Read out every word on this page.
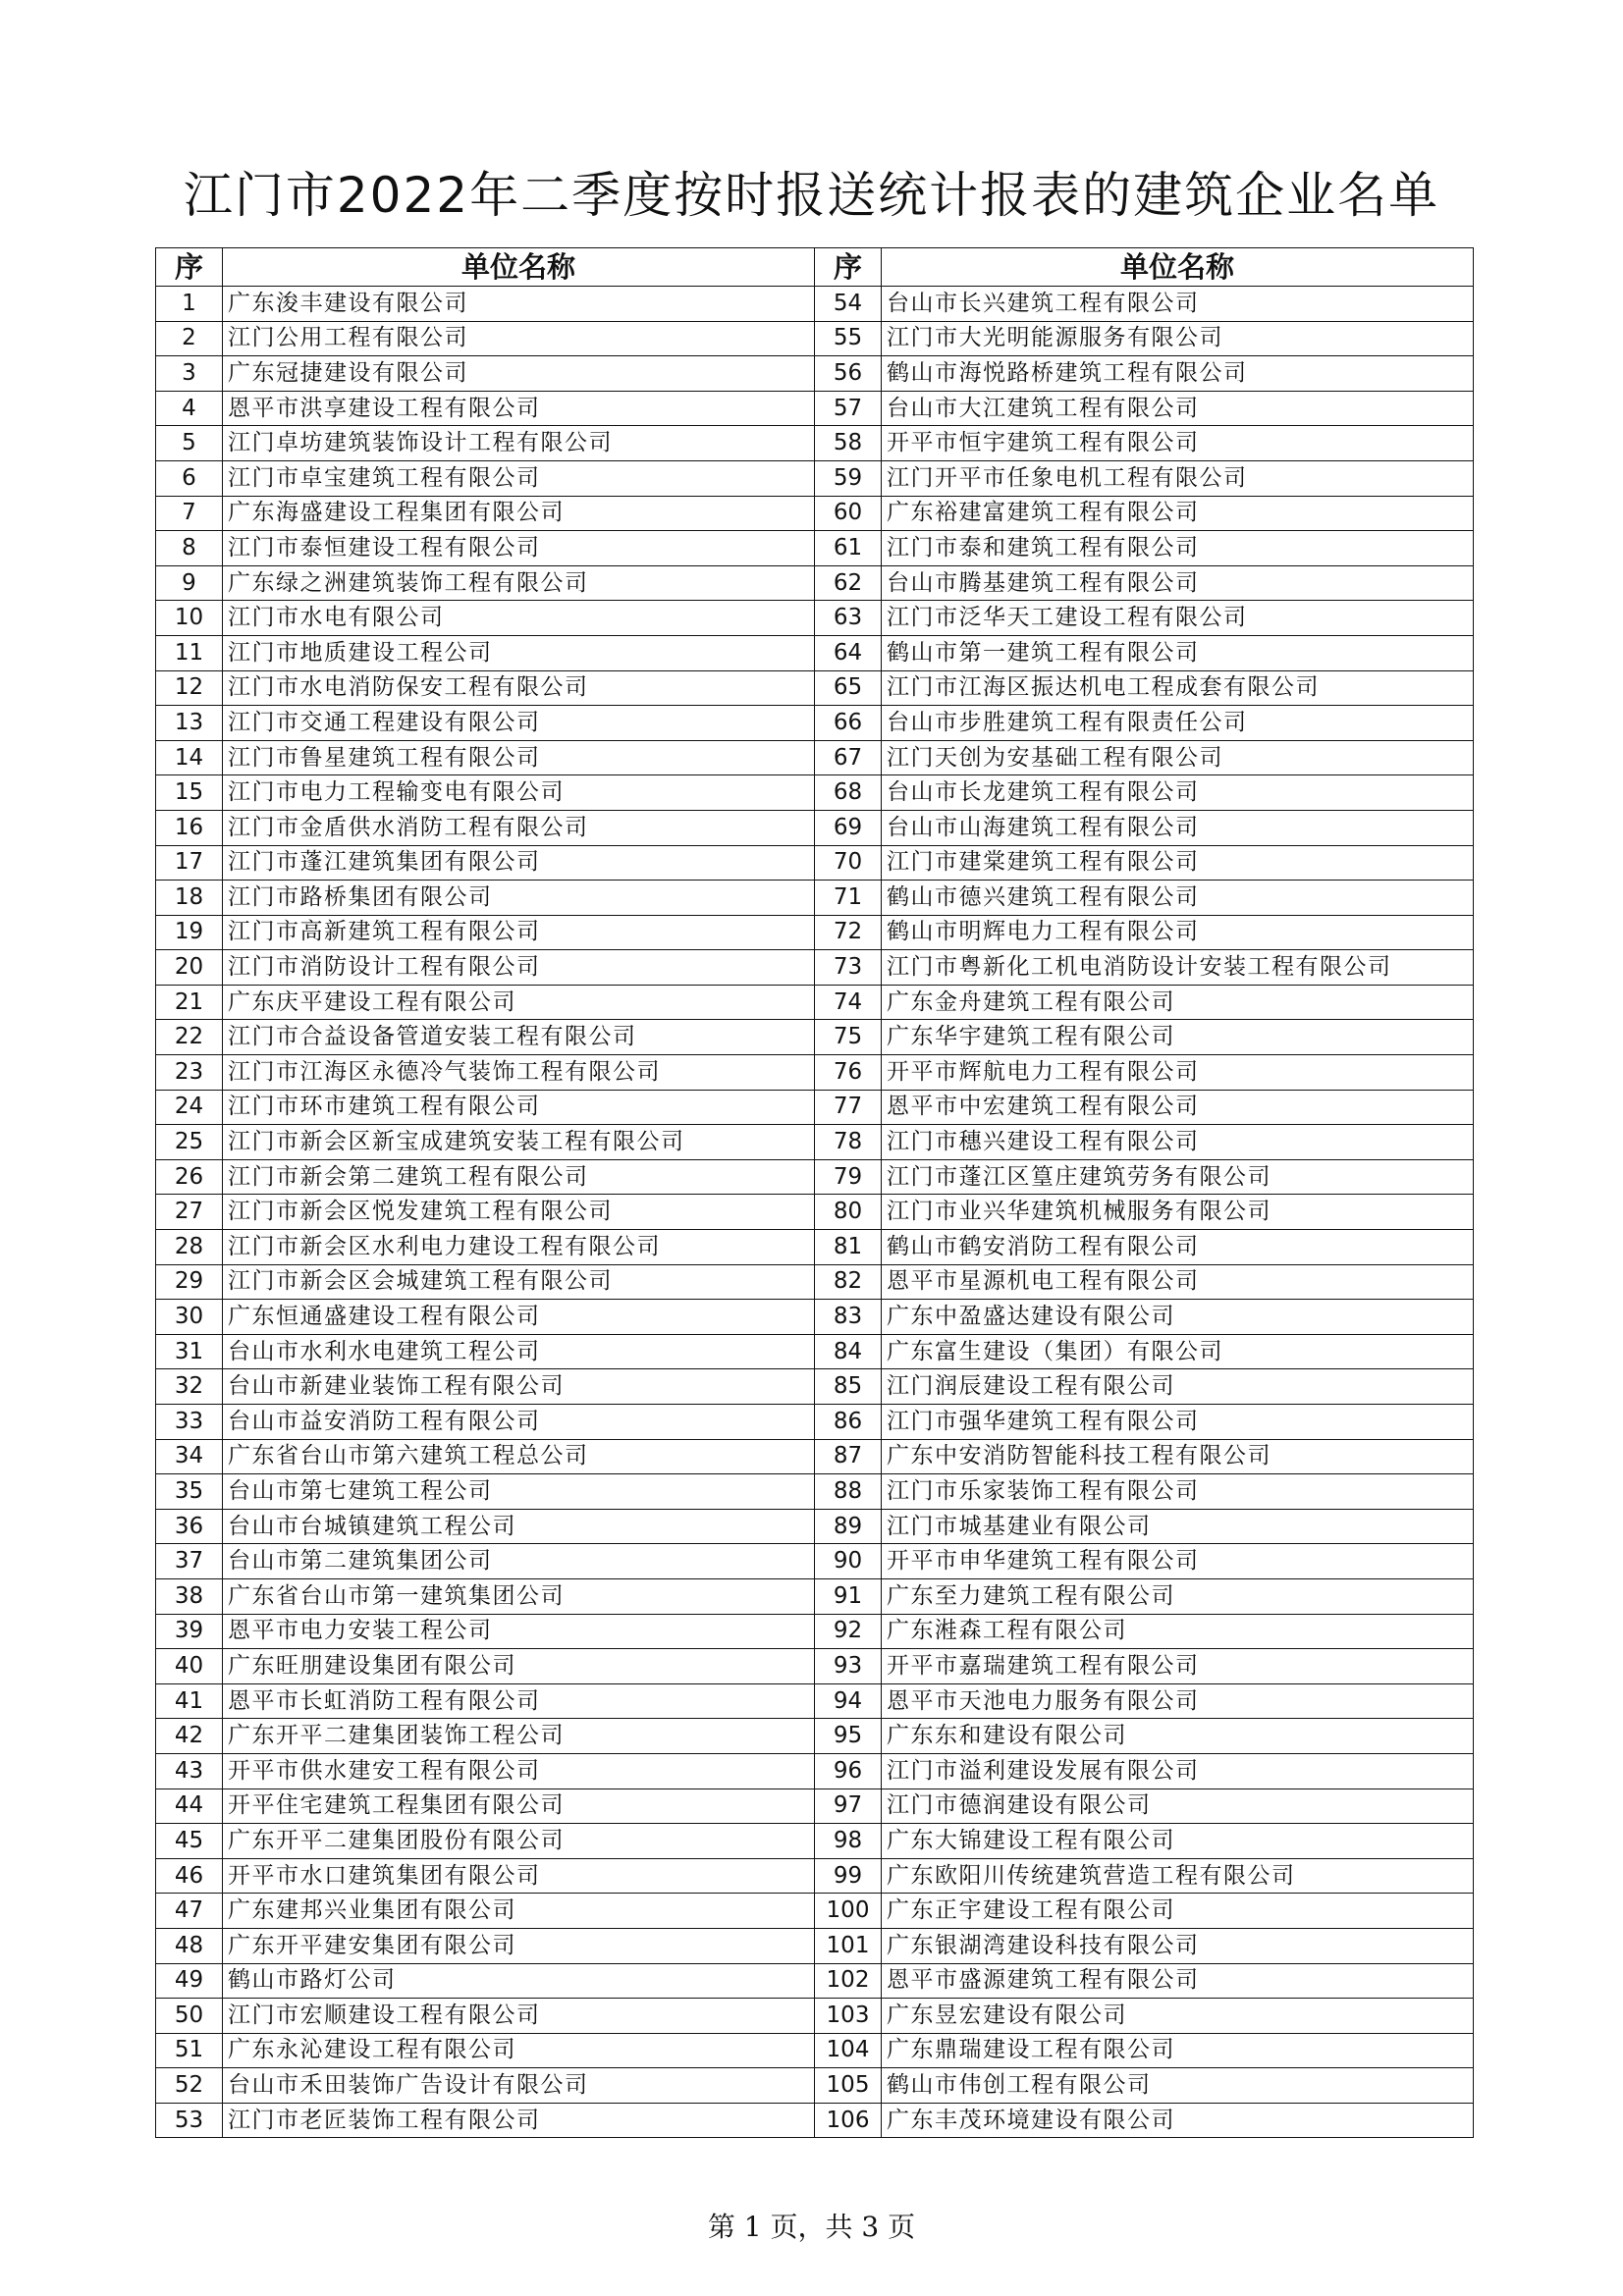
江门市2022年二季度按时报送统计报表的建筑企业名单
序	单位名称	序	单位名称
1	广东浚丰建设有限公司	54	台山市长兴建筑工程有限公司
2	江门公用工程有限公司	55	江门市大光明能源服务有限公司
3	广东冠捷建设有限公司	56	鹤山市海悦路桥建筑工程有限公司
4	恩平市洪享建设工程有限公司	57	台山市大江建筑工程有限公司
5	江门卓坊建筑装饰设计工程有限公司	58	开平市恒宇建筑工程有限公司
6	江门市卓宝建筑工程有限公司	59	江门开平市任象电机工程有限公司
7	广东海盛建设工程集团有限公司	60	广东裕建富建筑工程有限公司
8	江门市泰恒建设工程有限公司	61	江门市泰和建筑工程有限公司
9	广东绿之洲建筑装饰工程有限公司	62	台山市腾基建筑工程有限公司
10	江门市水电有限公司	63	江门市泛华天工建设工程有限公司
11	江门市地质建设工程公司	64	鹤山市第一建筑工程有限公司
12	江门市水电消防保安工程有限公司	65	江门市江海区振达机电工程成套有限公司
13	江门市交通工程建设有限公司	66	台山市步胜建筑工程有限责任公司
14	江门市鲁星建筑工程有限公司	67	江门天创为安基础工程有限公司
15	江门市电力工程输变电有限公司	68	台山市长龙建筑工程有限公司
16	江门市金盾供水消防工程有限公司	69	台山市山海建筑工程有限公司
17	江门市蓬江建筑集团有限公司	70	江门市建棠建筑工程有限公司
18	江门市路桥集团有限公司	71	鹤山市德兴建筑工程有限公司
19	江门市高新建筑工程有限公司	72	鹤山市明辉电力工程有限公司
20	江门市消防设计工程有限公司	73	江门市粤新化工机电消防设计安装工程有限公司
21	广东庆平建设工程有限公司	74	广东金舟建筑工程有限公司
22	江门市合益设备管道安装工程有限公司	75	广东华宇建筑工程有限公司
23	江门市江海区永德冷气装饰工程有限公司	76	开平市辉航电力工程有限公司
24	江门市环市建筑工程有限公司	77	恩平市中宏建筑工程有限公司
25	江门市新会区新宝成建筑安装工程有限公司	78	江门市穗兴建设工程有限公司
26	江门市新会第二建筑工程有限公司	79	江门市蓬江区篁庄建筑劳务有限公司
27	江门市新会区悦发建筑工程有限公司	80	江门市业兴华建筑机械服务有限公司
28	江门市新会区水利电力建设工程有限公司	81	鹤山市鹤安消防工程有限公司
29	江门市新会区会城建筑工程有限公司	82	恩平市星源机电工程有限公司
30	广东恒通盛建设工程有限公司	83	广东中盈盛达建设有限公司
31	台山市水利水电建筑工程公司	84	广东富生建设（集团）有限公司
32	台山市新建业装饰工程有限公司	85	江门润辰建设工程有限公司
33	台山市益安消防工程有限公司	86	江门市强华建筑工程有限公司
34	广东省台山市第六建筑工程总公司	87	广东中安消防智能科技工程有限公司
35	台山市第七建筑工程公司	88	江门市乐家装饰工程有限公司
36	台山市台城镇建筑工程公司	89	江门市城基建业有限公司
37	台山市第二建筑集团公司	90	开平市申华建筑工程有限公司
38	广东省台山市第一建筑集团公司	91	广东至力建筑工程有限公司
39	恩平市电力安装工程公司	92	广东溎森工程有限公司
40	广东旺朋建设集团有限公司	93	开平市嘉瑞建筑工程有限公司
41	恩平市长虹消防工程有限公司	94	恩平市天池电力服务有限公司
42	广东开平二建集团装饰工程公司	95	广东东和建设有限公司
43	开平市供水建安工程有限公司	96	江门市溢利建设发展有限公司
44	开平住宅建筑工程集团有限公司	97	江门市德润建设有限公司
45	广东开平二建集团股份有限公司	98	广东大锦建设工程有限公司
46	开平市水口建筑集团有限公司	99	广东欧阳川传统建筑营造工程有限公司
47	广东建邦兴业集团有限公司	100	广东正宇建设工程有限公司
48	广东开平建安集团有限公司	101	广东银湖湾建设科技有限公司
49	鹤山市路灯公司	102	恩平市盛源建筑工程有限公司
50	江门市宏顺建设工程有限公司	103	广东昱宏建设有限公司
51	广东永沁建设工程有限公司	104	广东鼎瑞建设工程有限公司
52	台山市禾田装饰广告设计有限公司	105	鹤山市伟创工程有限公司
53	江门市老匠装饰工程有限公司	106	广东丰茂环境建设有限公司
第 1 页，共 3 页
